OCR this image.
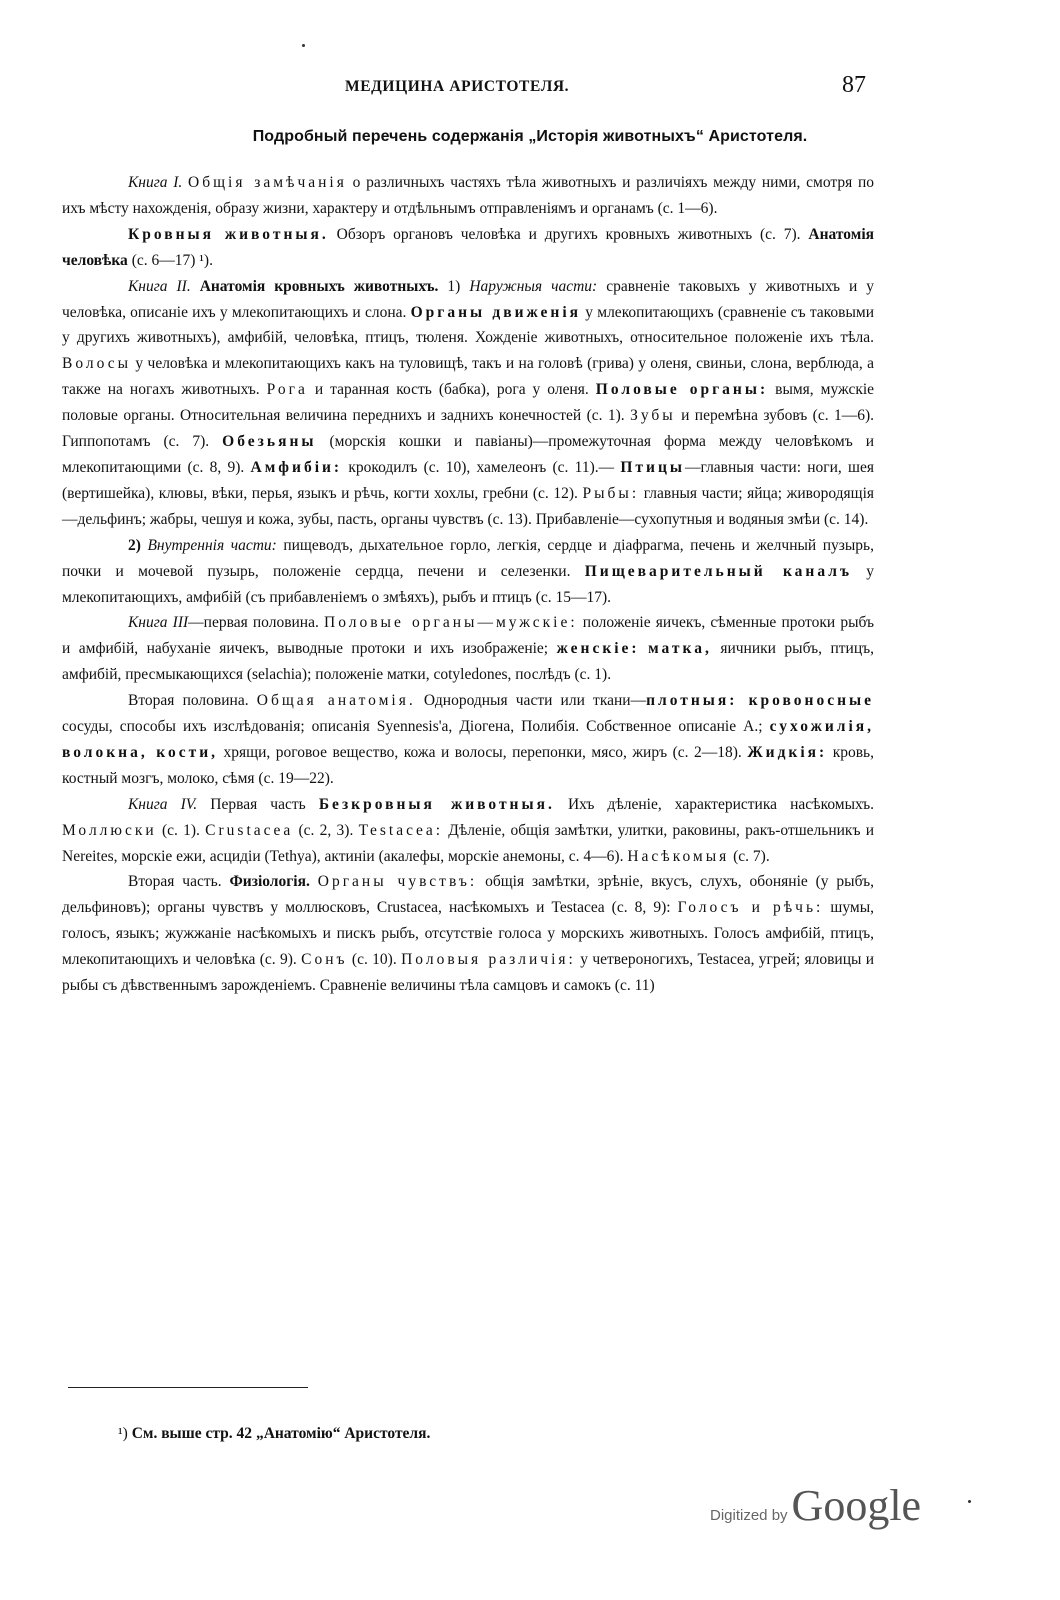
МЕДИЦИНА АРИСТОТЕЛЯ.	87
Подробный перечень содержанія „Исторія животныхъ“ Аристотеля.

Книга I. Общія замѣчанія о различныхъ частяхъ тѣла животныхъ и различіяхъ между ними, смотря по ихъ мѣсту нахожденія, образу жизни, характеру и отдѣльнымъ отправленіямъ и органамъ (с. 1—6).

Кровныя животныя. Обзоръ органовъ человѣка и другихъ кровныхъ животныхъ (с. 7). Анатомія человѣка (с. 6—17) ¹).

Книга II. Анатомія кровныхъ животныхъ. 1) Наружныя части: сравненіе таковыхъ у животныхъ и у человѣка, описаніе ихъ у млекопитающихъ и слона. Органы движенія у млекопитающихъ (сравненіе съ таковыми у другихъ животныхъ), амфибій, человѣка, птицъ, тюленя. Хожденіе животныхъ, относительное положеніе ихъ тѣла. Волосы у человѣка и млекопитающихъ какъ на туловищѣ, такъ и на головѣ (грива) у оленя, свиньи, слона, верблюда, а также на ногахъ животныхъ. Рога и таранная кость (бабка), рога у оленя. Половые органы: вымя, мужскіе половые органы. Относительная величина переднихъ и заднихъ конечностей (с. 1). Зубы и перемѣна зубовъ (с. 1—6). Гиппопотамъ (с. 7). Обезьяны (морскія кошки и павіаны)—промежуточная форма между человѣкомъ и млекопитающими (с. 8, 9). Амфибіи: крокодилъ (с. 10), хамелеонъ (с. 11).— Птицы—главныя части: ноги, шея (вертишейка), клювы, вѣки, перья, языкъ и рѣчь, когти хохлы, гребни (с. 12). Рыбы: главныя части; яйца; живородящія—дельфинъ; жабры, чешуя и кожа, зубы, пасть, органы чувствъ (с. 13). Прибавленіе—сухопутныя и водяныя змѣи (с. 14).

2) Внутреннія части: пищеводъ, дыхательное горло, легкія, сердце и діафрагма, печень и желчный пузырь, почки и мочевой пузырь, положеніе сердца, печени и селезенки. Пищеварительный каналъ у млекопитающихъ, амфибій (съ прибавленіемъ о змѣяхъ), рыбъ и птицъ (с. 15—17).

Книга III—первая половина. Половые органы—мужскіе: положеніе яичекъ, сѣменные протоки рыбъ и амфибій, набуханіе яичекъ, выводные протоки и ихъ изображеніе; женскіе: матка, яичники рыбъ, птицъ, амфибій, пресмыкающихся (selachia); положеніе матки, cotyledones, послѣдъ (с. 1).

Вторая половина. Общая анатомія. Однородныя части или ткани—плотныя: кровоносные сосуды, способы ихъ изслѣдованія; описанія Syennesis'a, Діогена, Полибія. Собственное описаніе А.; сухожилія, волокна, кости, хрящи, роговое вещество, кожа и волосы, перепонки, мясо, жиръ (с. 2—18). Жидкія: кровь, костный мозгъ, молоко, сѣмя (с. 19—22).

Книга IV. Первая часть Безкровныя животныя. Ихъ дѣленіе, характеристика насѣкомыхъ. Моллюски (с. 1). Crustacea (с. 2, 3). Testacea: Дѣленіе, общія замѣтки, улитки, раковины, ракъ-отшельникъ и Nereites, морскіе ежи, асцидіи (Tethya), актиніи (акалефы, морскіе анемоны, с. 4—6). Насѣкомыя (с. 7).

Вторая часть. Физіологія. Органы чувствъ: общія замѣтки, зрѣніе, вкусъ, слухъ, обоняніе (у рыбъ, дельфиновъ); органы чувствъ у моллюсковъ, Crustacea, насѣкомыхъ и Testacea (с. 8, 9): Голосъ и рѣчь: шумы, голосъ, языкъ; жужжаніе насѣкомыхъ и пискъ рыбъ, отсутствіе голоса у морскихъ животныхъ. Голосъ амфибій, птицъ, млекопитающихъ и человѣка (с. 9). Сонъ (с. 10). Половыя различія: у четвероногихъ, Testacea, угрей; яловицы и рыбы съ дѣвственнымъ зарожденіемъ. Сравненіе величины тѣла самцовъ и самокъ (с. 11)

¹) См. выше стр. 42 „Анатомію“ Аристотеля.
Digitized by Google
